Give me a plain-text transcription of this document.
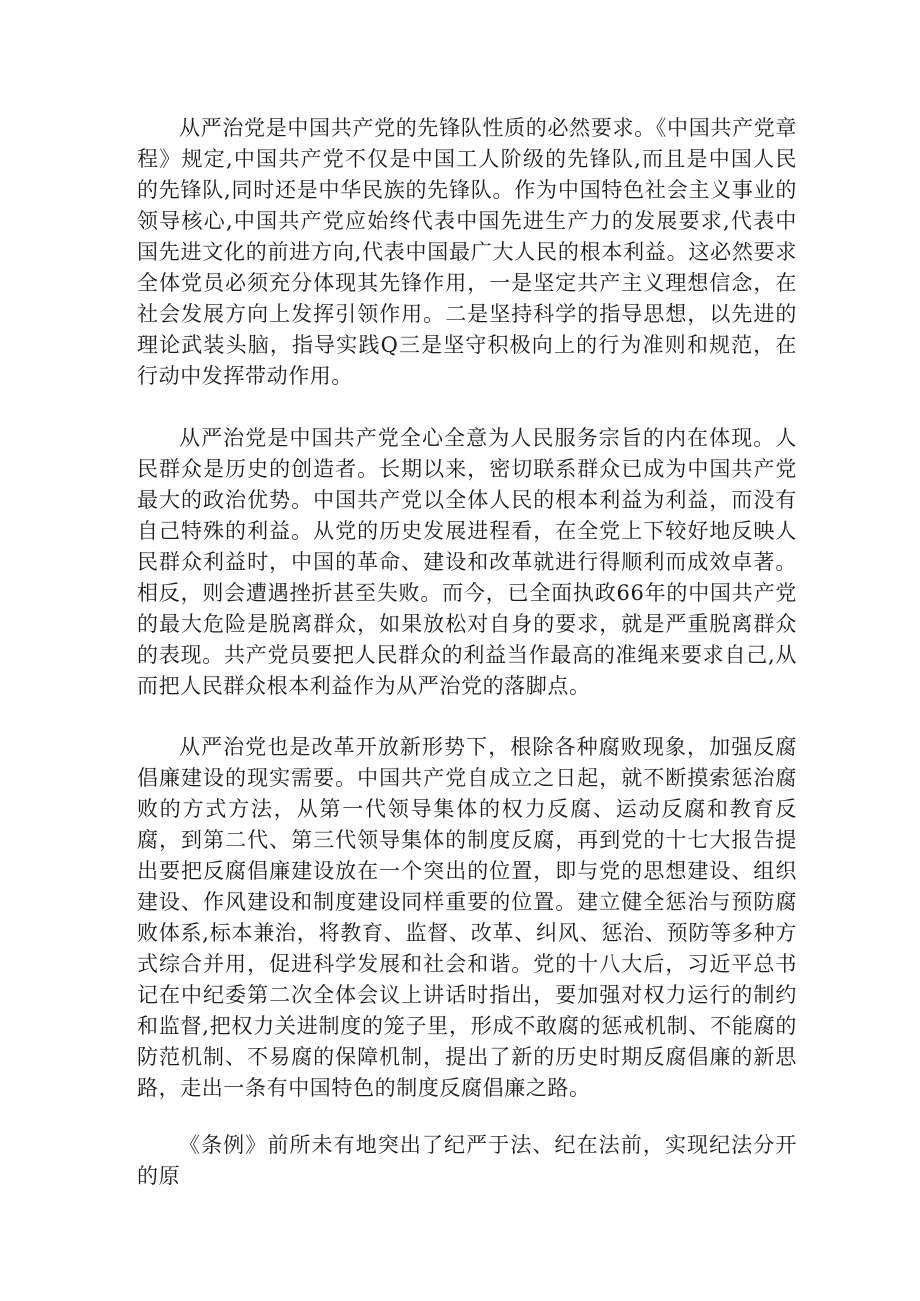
从严治党是中国共产党的先锋队性质的必然要求。《中国共产党章程》规定,中国共产党不仅是中国工人阶级的先锋队,而且是中国人民的先锋队,同时还是中华民族的先锋队。作为中国特色社会主义事业的领导核心,中国共产党应始终代表中国先进生产力的发展要求,代表中国先进文化的前进方向,代表中国最广大人民的根本利益。这必然要求全体党员必须充分体现其先锋作用，一是坚定共产主义理想信念，在社会发展方向上发挥引领作用。二是坚持科学的指导思想，以先进的理论武装头脑，指导实践Q三是坚守积极向上的行为准则和规范，在行动中发挥带动作用。

从严治党是中国共产党全心全意为人民服务宗旨的内在体现。人民群众是历史的创造者。长期以来，密切联系群众已成为中国共产党最大的政治优势。中国共产党以全体人民的根本利益为利益，而没有自己特殊的利益。从党的历史发展进程看，在全党上下较好地反映人民群众利益时，中国的革命、建设和改革就进行得顺利而成效卓著。相反，则会遭遇挫折甚至失败。而今，已全面执政66年的中国共产党的最大危险是脱离群众，如果放松对自身的要求，就是严重脱离群众的表现。共产党员要把人民群众的利益当作最高的准绳来要求自己,从而把人民群众根本利益作为从严治党的落脚点。

从严治党也是改革开放新形势下，根除各种腐败现象，加强反腐倡廉建设的现实需要。中国共产党自成立之日起，就不断摸索惩治腐败的方式方法，从第一代领导集体的权力反腐、运动反腐和教育反腐，到第二代、第三代领导集体的制度反腐，再到党的十七大报告提出要把反腐倡廉建设放在一个突出的位置，即与党的思想建设、组织建设、作风建设和制度建设同样重要的位置。建立健全惩治与预防腐败体系,标本兼治，将教育、监督、改革、纠风、惩治、预防等多种方式综合并用，促进科学发展和社会和谐。党的十八大后，习近平总书记在中纪委第二次全体会议上讲话时指出，要加强对权力运行的制约和监督,把权力关进制度的笼子里，形成不敢腐的惩戒机制、不能腐的防范机制、不易腐的保障机制，提出了新的历史时期反腐倡廉的新思路，走出一条有中国特色的制度反腐倡廉之路。

《条例》前所未有地突出了纪严于法、纪在法前，实现纪法分开的原
